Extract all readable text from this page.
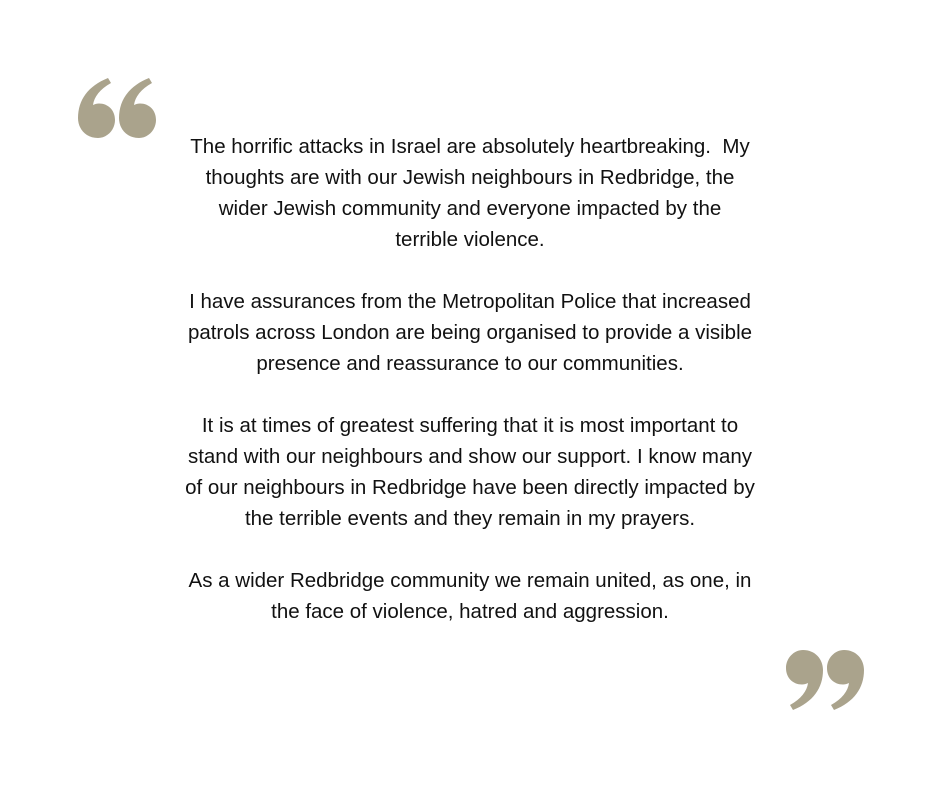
The horrific attacks in Israel are absolutely heartbreaking.  My
thoughts are with our Jewish neighbours in Redbridge, the
wider Jewish community and everyone impacted by the
terrible violence.

I have assurances from the Metropolitan Police that increased
patrols across London are being organised to provide a visible
presence and reassurance to our communities.

It is at times of greatest suffering that it is most important to
stand with our neighbours and show our support. I know many
of our neighbours in Redbridge have been directly impacted by
the terrible events and they remain in my prayers.

As a wider Redbridge community we remain united, as one, in
the face of violence, hatred and aggression.
